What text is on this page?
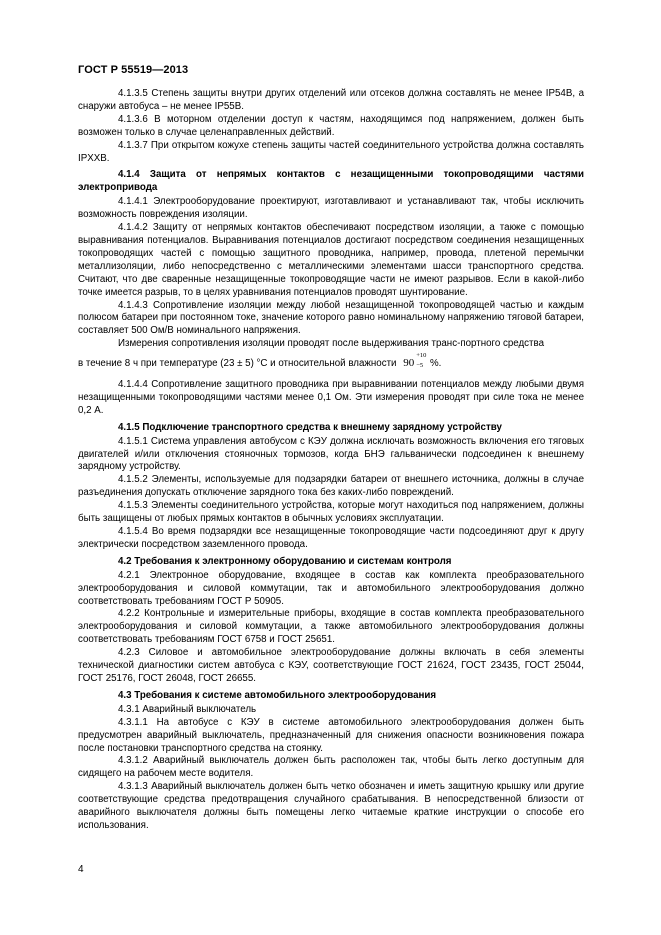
ГОСТ Р 55519—2013

4.1.3.5 Степень защиты внутри других отделений или отсеков должна составлять не менее IP54B, а снаружи автобуса – не менее IP55B.

4.1.3.6 В моторном отделении доступ к частям, находящимся под напряжением, должен быть возможен только в случае целенаправленных действий.

4.1.3.7 При открытом кожухе степень защиты частей соединительного устройства должна составлять IPXXB.

4.1.4 Защита от непрямых контактов с незащищенными токопроводящими частями электропривода

4.1.4.1 Электрооборудование проектируют, изготавливают и устанавливают так, чтобы исключить возможность повреждения изоляции.

4.1.4.2 Защиту от непрямых контактов обеспечивают посредством изоляции, а также с помощью выравнивания потенциалов. Выравнивания потенциалов достигают посредством соединения незащищенных токопроводящих частей с помощью защитного проводника, например, провода, плетеной перемычки металлизоляции, либо непосредственно с металлическими элементами шасси транспортного средства. Считают, что две сваренные незащищенные токопроводящие части не имеют разрывов. Если в какой-либо точке имеется разрыв, то в целях уравнивания потенциалов проводят шунтирование.

4.1.4.3 Сопротивление изоляции между любой незащищенной токопроводящей частью и каждым полюсом батареи при постоянном токе, значение которого равно номинальному напряжению тяговой батареи, составляет 500 Ом/В номинального напряжения.

Измерения сопротивления изоляции проводят после выдерживания транс-портного средства

в течение 8 ч при температуре (23 ± 5) °С и относительной влажности 90
+10
−5 %.

4.1.4.4 Сопротивление защитного проводника при выравнивании потенциалов между любыми двумя незащищенными токопроводящими частями менее 0,1 Ом. Эти измерения проводят при силе тока не менее 0,2 А.

4.1.5 Подключение транспортного средства к внешнему зарядному устройству

4.1.5.1 Система управления автобусом с КЭУ должна исключать возможность включения его тяговых двигателей и/или отключения стояночных тормозов, когда БНЭ гальванически подсоединен к внешнему зарядному устройству.

4.1.5.2 Элементы, используемые для подзарядки батареи от внешнего источника, должны в случае разъединения допускать отключение зарядного тока без каких-либо повреждений.

4.1.5.3 Элементы соединительного устройства, которые могут находиться под напряжением, должны быть защищены от любых прямых контактов в обычных условиях эксплуатации.

4.1.5.4 Во время подзарядки все незащищенные токопроводящие части подсоединяют друг к другу электрически посредством заземленного провода.

4.2 Требования к электронному оборудованию и системам контроля

4.2.1 Электронное оборудование, входящее в состав как комплекта преобразовательного электрооборудования и силовой коммутации, так и автомобильного электрооборудования должно соответствовать требованиям ГОСТ Р 50905.

4.2.2 Контрольные и измерительные приборы, входящие в состав комплекта преобразовательного электрооборудования и силовой коммутации, а также автомобильного электрооборудования должны соответствовать требованиям ГОСТ 6758 и ГОСТ 25651.

4.2.3 Силовое и автомобильное электрооборудование должны включать в себя элементы технической диагностики систем автобуса с КЭУ, соответствующие ГОСТ 21624, ГОСТ 23435, ГОСТ 25044, ГОСТ 25176, ГОСТ 26048, ГОСТ 26655.

4.3 Требования к системе автомобильного электрооборудования

4.3.1 Аварийный выключатель

4.3.1.1 На автобусе с КЭУ в системе автомобильного электрооборудования должен быть предусмотрен аварийный выключатель, предназначенный для снижения опасности возникновения пожара после постановки транспортного средства на стоянку.

4.3.1.2 Аварийный выключатель должен быть расположен так, чтобы быть легко доступным для сидящего на рабочем месте водителя.

4.3.1.3 Аварийный выключатель должен быть четко обозначен и иметь защитную крышку или другие соответствующие средства предотвращения случайного срабатывания. В непосредственной близости от аварийного выключателя должны быть помещены легко читаемые краткие инструкции о способе его использования.

4
